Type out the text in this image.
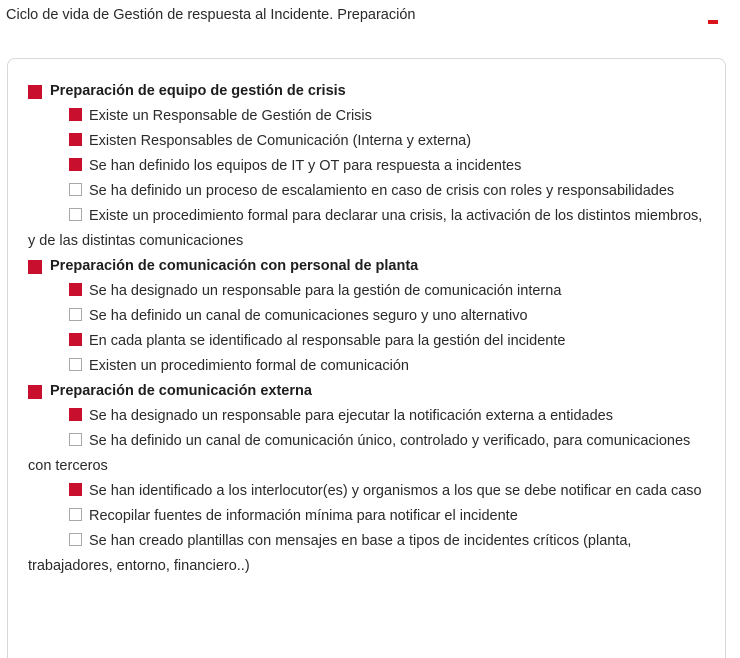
Ciclo de vida de Gestión de respuesta al Incidente. Preparación
Preparación de equipo de gestión de crisis
Existe un Responsable de Gestión de Crisis
Existen Responsables de Comunicación (Interna y externa)
Se han definido los equipos de IT y OT para respuesta a incidentes
Se ha definido un proceso de escalamiento en caso de crisis con roles y responsabilidades
Existe un procedimiento formal para declarar una crisis, la activación de los distintos miembros, y de las distintas comunicaciones
Preparación de comunicación con personal de planta
Se ha designado un responsable para la gestión de comunicación interna
Se ha definido un canal de comunicaciones seguro y uno alternativo
En cada planta se identificado al responsable para la gestión del incidente
Existen un procedimiento formal de comunicación
Preparación de comunicación externa
Se ha designado un responsable para ejecutar la notificación externa a entidades
Se ha definido un canal de comunicación único, controlado y verificado, para comunicaciones con terceros
Se han identificado a los interlocutor(es) y organismos a los que se debe notificar en cada caso
Recopilar fuentes de información mínima para notificar el incidente
Se han creado plantillas con mensajes en base a tipos de incidentes críticos (planta, trabajadores, entorno, financiero..)
